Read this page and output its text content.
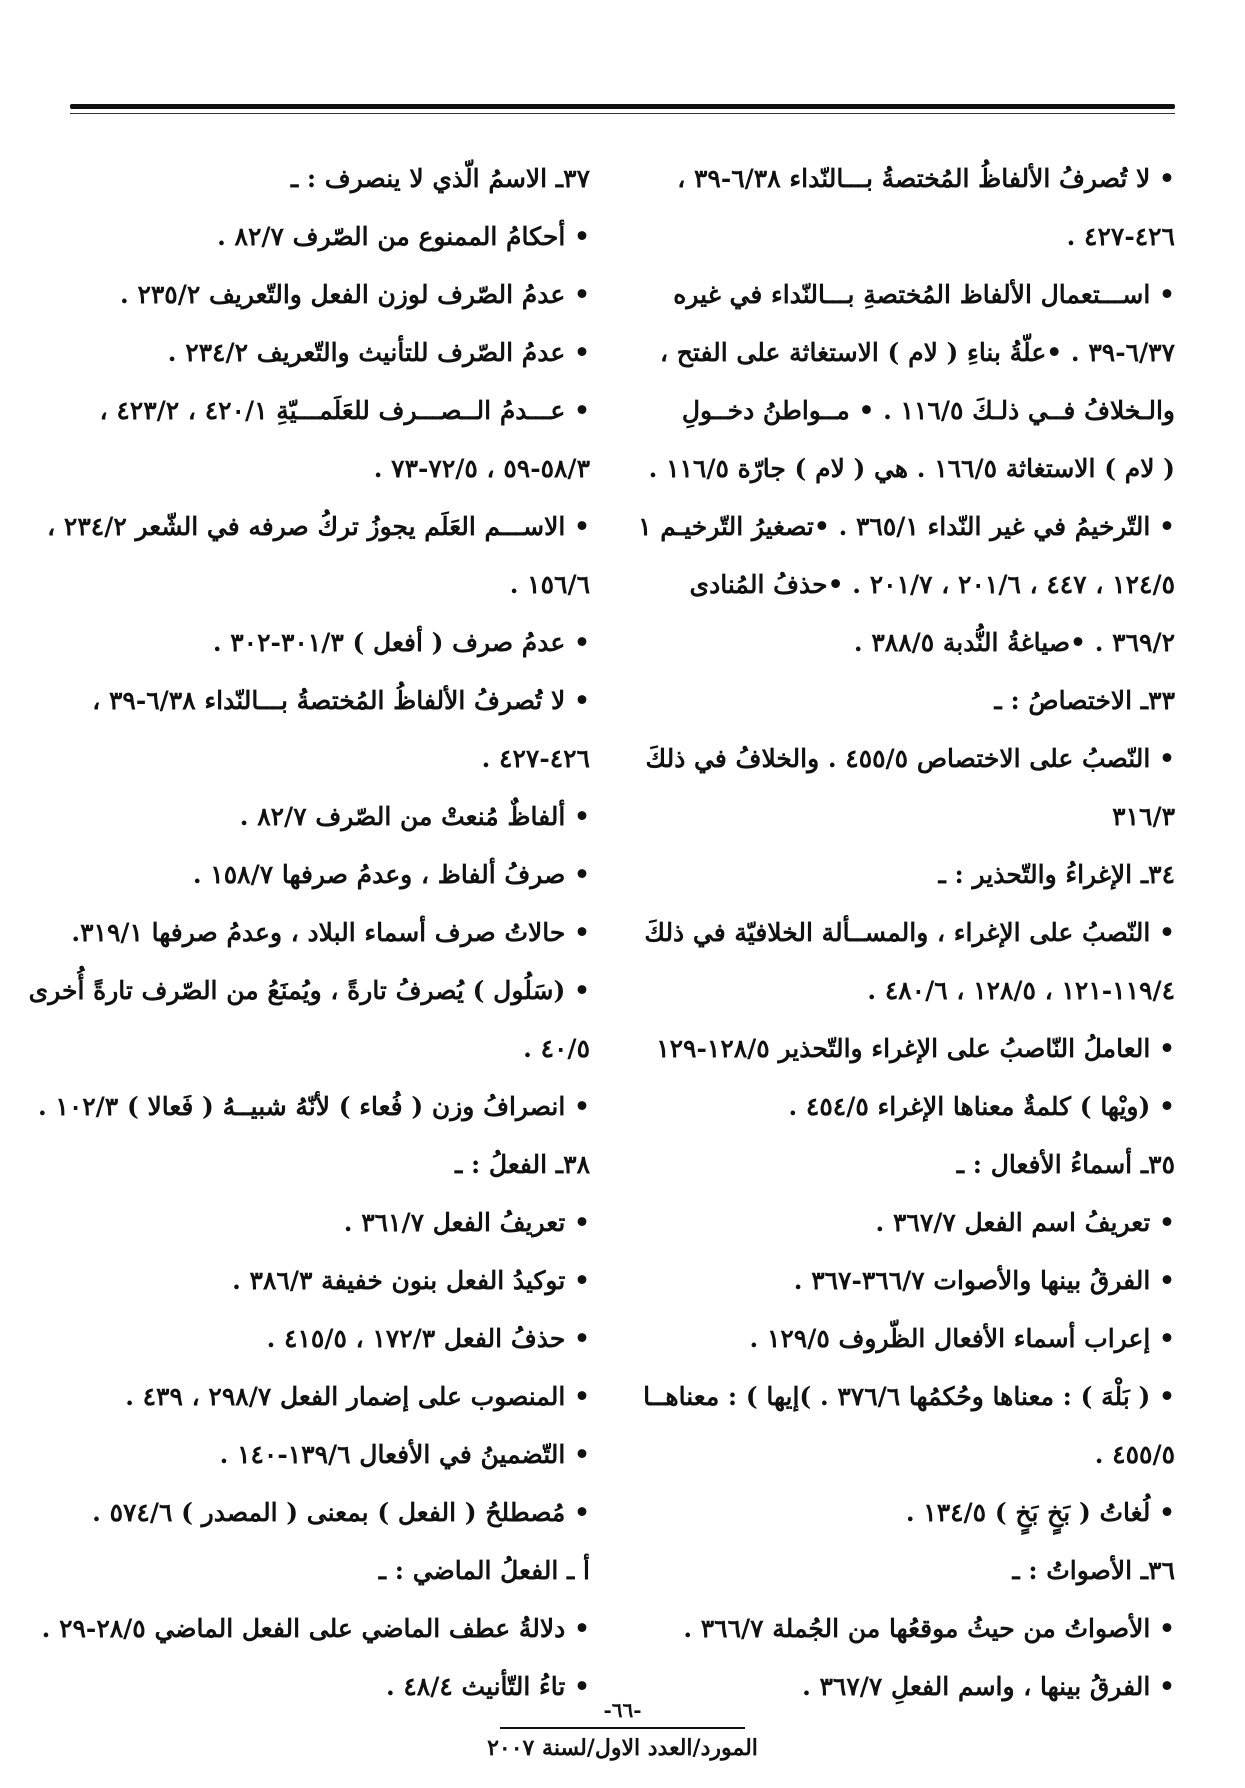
• لا تُصرفُ الألفاظُ المُختصةُ بـــالنّداء ٦/٣٨-٣٩ ،
٤٢٦-٤٢٧ .
• اســـتعمال الألفاظ المُختصةِ بـــالنّداء في غيره
٦/٣٧-٣٩ . •علّةُ بناءِ ( لام ) الاستغاثة على الفتح ،
والـخلافُ فــي ذلـكَ ١١٦/٥ . • مــواطنُ دخــولِ
( لام ) الاستغاثة ١٦٦/٥ . هي ( لام ) جارّة ١١٦/٥ .
• التّرخيمُ في غير النّداء ٣٦٥/١ . •تصغيرُ التّرخيـم ١
١٢٤/٥ ، ٤٤٧ ، ٢٠١/٦ ، ٢٠١/٧ . •حذفُ المُنادى
٣٦٩/٢ . •صياغةُ النُّدبة ٣٨٨/٥ .
٣٣ـ الاختصاصُ : ـ
• النّصبُ على الاختصاص ٤٥٥/٥ . والخلافُ في ذلكَ
٣١٦/٣
٣٤ـ الإغراءُ والتّحذير : ـ
• النّصبُ على الإغراء ، والمســألة الخلافيّة في ذلكَ
١١٩/٤-١٢١ ، ١٢٨/٥ ، ٤٨٠/٦ .
• العاملُ النّاصبُ على الإغراء والتّحذير ١٢٨/٥-١٢٩
• (ويْها ) كلمةٌ معناها الإغراء ٤٥٤/٥ .
٣٥ـ أسماءُ الأفعال : ـ
• تعريفُ اسم الفعل ٣٦٧/٧ .
• الفرقُ بينها والأصوات ٣٦٦/٧-٣٦٧ .
• إعراب أسماء الأفعال الظّروف ١٢٩/٥ .
• ( بَلْهَ ) : معناها وحُكمُها ٣٧٦/٦ . )إيها ) : معناهــا
٤٥٥/٥ .
• لُغاتُ ( بَخٍ بَخٍ ) ١٣٤/٥ .
٣٦ـ الأصواتُ : ـ
• الأصواتُ من حيثُ موقعُها من الجُملة ٣٦٦/٧ .
• الفرقُ بينها ، واسم الفعلِ ٣٦٧/٧ .
٣٧ـ الاسمُ الّذي لا ينصرف : ـ
• أحكامُ الممنوع من الصّرف ٨٢/٧ .
• عدمُ الصّرف لوزن الفعل والتّعريف ٢٣٥/٢ .
• عدمُ الصّرف للتأنيث والتّعريف ٢٣٤/٢ .
• عـــدمُ الــصـــرف للعَلَمـــيّةِ ٤٢٠/١ ، ٤٢٣/٢ ،
٥٨/٣-٥٩ ، ٧٢/٥-٧٣ .
• الاســـم العَلَم يجوزُ تركُ صرفه في الشّعر ٢٣٤/٢ ،
١٥٦/٦ .
• عدمُ صرف ( أفعل ) ٣٠١/٣-٣٠٢ .
• لا تُصرفُ الألفاظُ المُختصةُ بـــالنّداء ٦/٣٨-٣٩ ،
٤٢٦-٤٢٧ .
• ألفاظٌ مُنعتْ من الصّرف ٨٢/٧ .
• صرفُ ألفاظ ، وعدمُ صرفها ١٥٨/٧ .
• حالاتُ صرف أسماء البلاد ، وعدمُ صرفها ٣١٩/١.
• (سَلُول ) يُصرفُ تارةً ، ويُمنَعُ من الصّرف تارةً أُخرى
٤٠/٥ .
• انصرافُ وزن ( فُعاء ) لأنّهُ شبيــهُ ( فَعالا ) ١٠٢/٣ .
٣٨ـ الفعلُ : ـ
• تعريفُ الفعل ٣٦١/٧ .
• توكيدُ الفعل بنون خفيفة ٣٨٦/٣ .
• حذفُ الفعل ١٧٢/٣ ، ٤١٥/٥ .
• المنصوب على إضمار الفعل ٢٩٨/٧ ، ٤٣٩ .
• التّضمينُ في الأفعال ١٣٩/٦-١٤٠ .
• مُصطلحُ ( الفعل ) بمعنى ( المصدر ) ٥٧٤/٦ .
أ ـ الفعلُ الماضي : ـ
• دلالةُ عطف الماضي على الفعل الماضي ٢٨/٥-٢٩ .
• تاءُ التّأنيث ٤٨/٤ .
-٦٦-
المورد/العدد الاول/لسنة ٢٠٠٧
